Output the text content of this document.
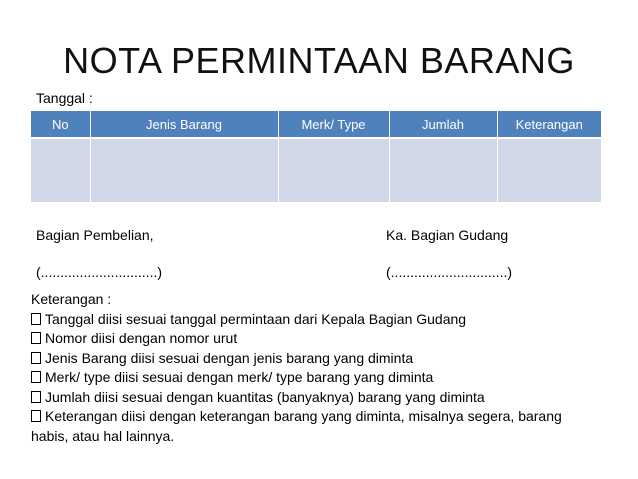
NOTA PERMINTAAN BARANG
Tanggal :
No	Jenis Barang	Merk/ Type	Jumlah	Keterangan

Bagian Pembelian,
(..............................)
Ka. Bagian Gudang
(..............................)
Keterangan :
Tanggal diisi sesuai tanggal permintaan dari Kepala Bagian Gudang
Nomor diisi dengan nomor urut
Jenis Barang diisi sesuai dengan jenis barang yang diminta
Merk/ type diisi sesuai dengan merk/ type barang yang diminta
Jumlah diisi sesuai dengan kuantitas (banyaknya) barang yang diminta
Keterangan diisi dengan keterangan barang yang diminta, misalnya segera, barang habis, atau hal lainnya.
